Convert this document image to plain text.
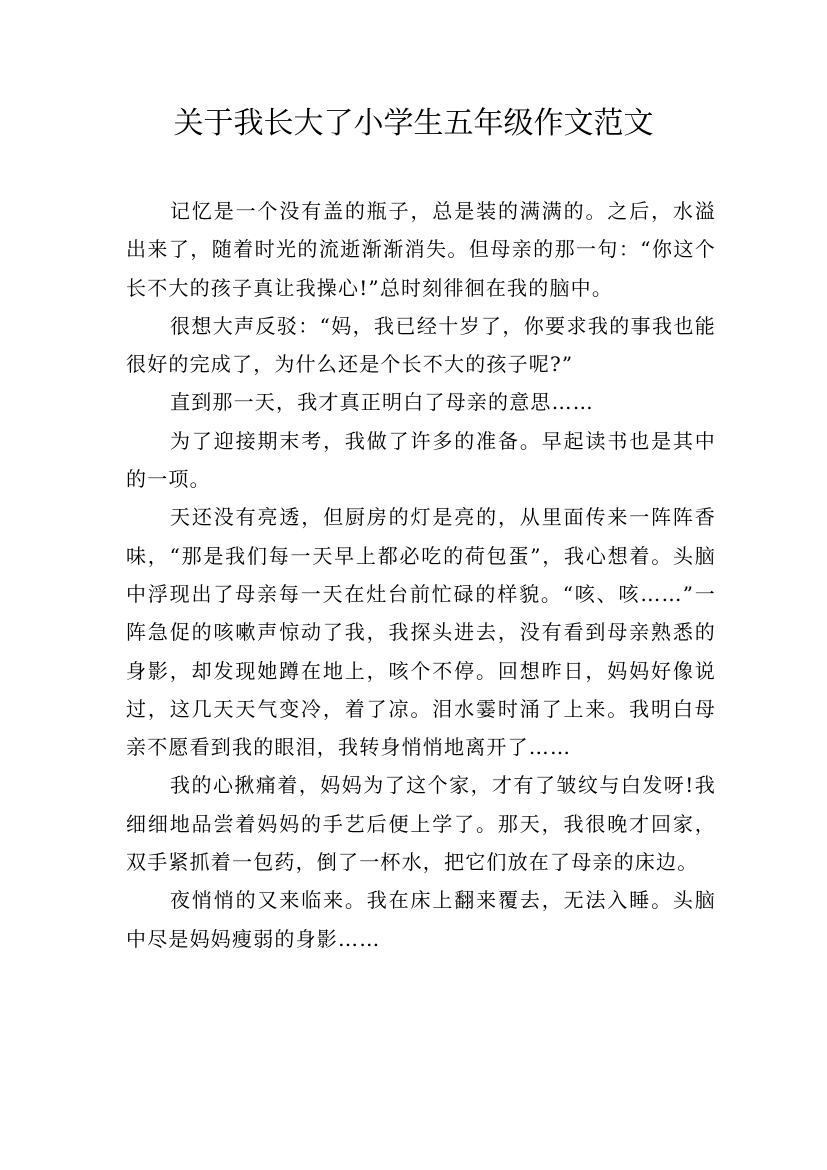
关于我长大了小学生五年级作文范文

记忆是一个没有盖的瓶子，总是装的满满的。之后，水溢出来了，随着时光的流逝渐渐消失。但母亲的那一句：“你这个长不大的孩子真让我操心!”总时刻徘徊在我的脑中。

很想大声反驳：“妈，我已经十岁了，你要求我的事我也能很好的完成了，为什么还是个长不大的孩子呢?”

直到那一天，我才真正明白了母亲的意思……

为了迎接期末考，我做了许多的准备。早起读书也是其中的一项。

天还没有亮透，但厨房的灯是亮的，从里面传来一阵阵香味，“那是我们每一天早上都必吃的荷包蛋”，我心想着。头脑中浮现出了母亲每一天在灶台前忙碌的样貌。“咳、咳……”一阵急促的咳嗽声惊动了我，我探头进去，没有看到母亲熟悉的身影，却发现她蹲在地上，咳个不停。回想昨日，妈妈好像说过，这几天天气变冷，着了凉。泪水霎时涌了上来。我明白母亲不愿看到我的眼泪，我转身悄悄地离开了……

我的心揪痛着，妈妈为了这个家，才有了皱纹与白发呀!我细细地品尝着妈妈的手艺后便上学了。那天，我很晚才回家，双手紧抓着一包药，倒了一杯水，把它们放在了母亲的床边。

夜悄悄的又来临来。我在床上翻来覆去，无法入睡。头脑中尽是妈妈瘦弱的身影……
